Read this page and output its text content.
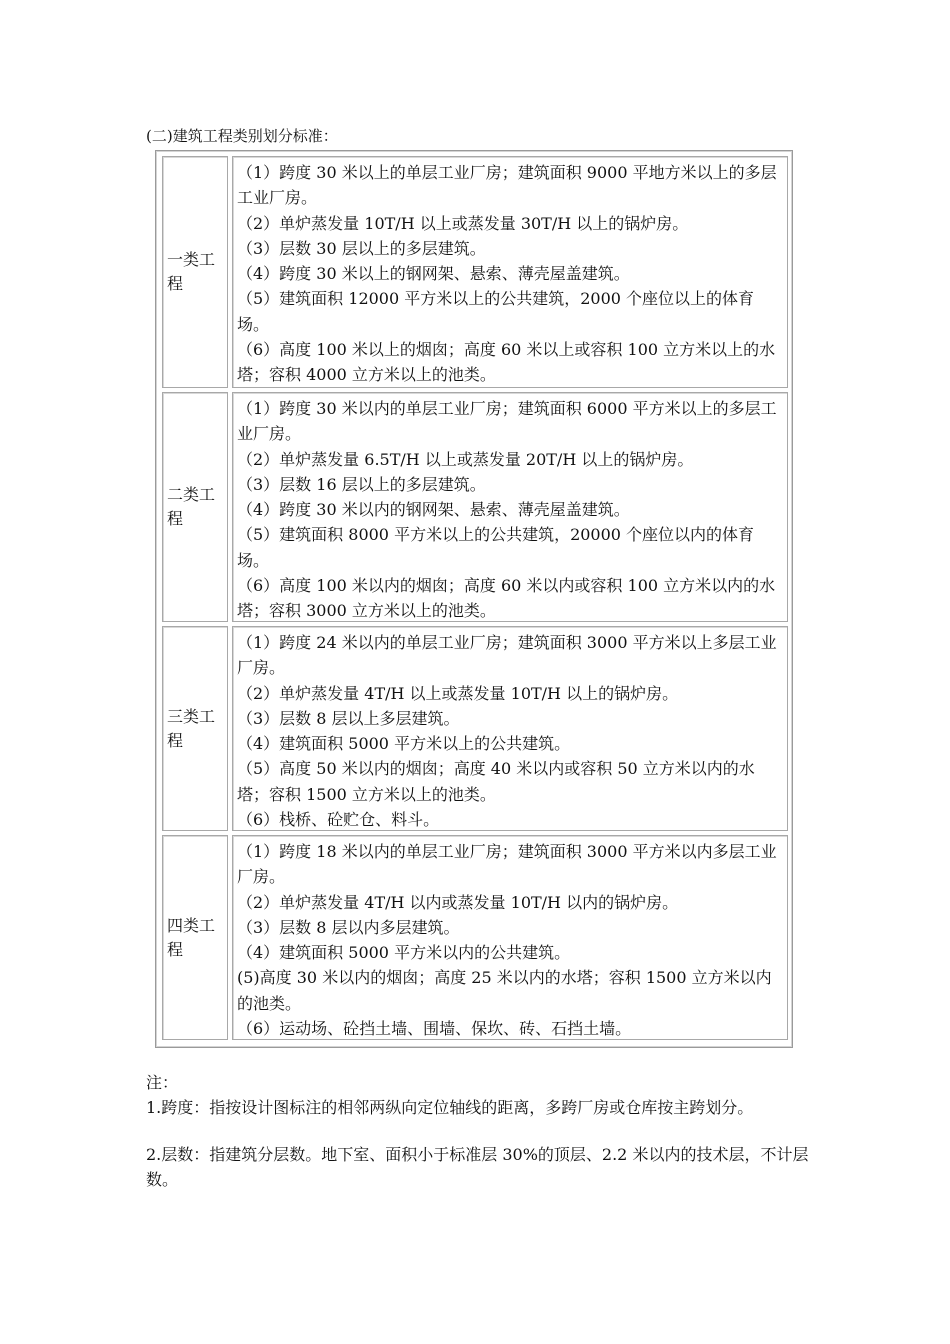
(二)建筑工程类别划分标准：
一类工程
（1）跨度 30 米以上的单层工业厂房；建筑面积 9000 平地方米以上的多层工业厂房。
（2）单炉蒸发量 10T/H 以上或蒸发量 30T/H 以上的锅炉房。
（3）层数 30 层以上的多层建筑。
（4）跨度 30 米以上的钢网架、悬索、薄壳屋盖建筑。
（5）建筑面积 12000 平方米以上的公共建筑，2000 个座位以上的体育场。
（6）高度 100 米以上的烟囱；高度 60 米以上或容积 100 立方米以上的水塔；容积 4000 立方米以上的池类。
二类工程
（1）跨度 30 米以内的单层工业厂房；建筑面积 6000 平方米以上的多层工业厂房。
（2）单炉蒸发量 6.5T/H 以上或蒸发量 20T/H 以上的锅炉房。
（3）层数 16 层以上的多层建筑。
（4）跨度 30 米以内的钢网架、悬索、薄壳屋盖建筑。
（5）建筑面积 8000 平方米以上的公共建筑，20000 个座位以内的体育场。
（6）高度 100 米以内的烟囱；高度 60 米以内或容积 100 立方米以内的水塔；容积 3000 立方米以上的池类。
三类工程
（1）跨度 24 米以内的单层工业厂房；建筑面积 3000 平方米以上多层工业厂房。
（2）单炉蒸发量 4T/H 以上或蒸发量 10T/H 以上的锅炉房。
（3）层数 8 层以上多层建筑。
（4）建筑面积 5000 平方米以上的公共建筑。
（5）高度 50 米以内的烟囱；高度 40 米以内或容积 50 立方米以内的水塔；容积 1500 立方米以上的池类。
（6）栈桥、砼贮仓、料斗。
四类工程
（1）跨度 18 米以内的单层工业厂房；建筑面积 3000 平方米以内多层工业厂房。
（2）单炉蒸发量 4T/H 以内或蒸发量 10T/H 以内的锅炉房。
（3）层数 8 层以内多层建筑。
（4）建筑面积 5000 平方米以内的公共建筑。
(5)高度 30 米以内的烟囱；高度 25 米以内的水塔；容积 1500 立方米以内的池类。
（6）运动场、砼挡土墙、围墙、保坎、砖、石挡土墙。

注：

1.跨度：指按设计图标注的相邻两纵向定位轴线的距离，多跨厂房或仓库按主跨划分。

2.层数：指建筑分层数。地下室、面积小于标准层 30%的顶层、2.2 米以内的技术层，不计层数。
